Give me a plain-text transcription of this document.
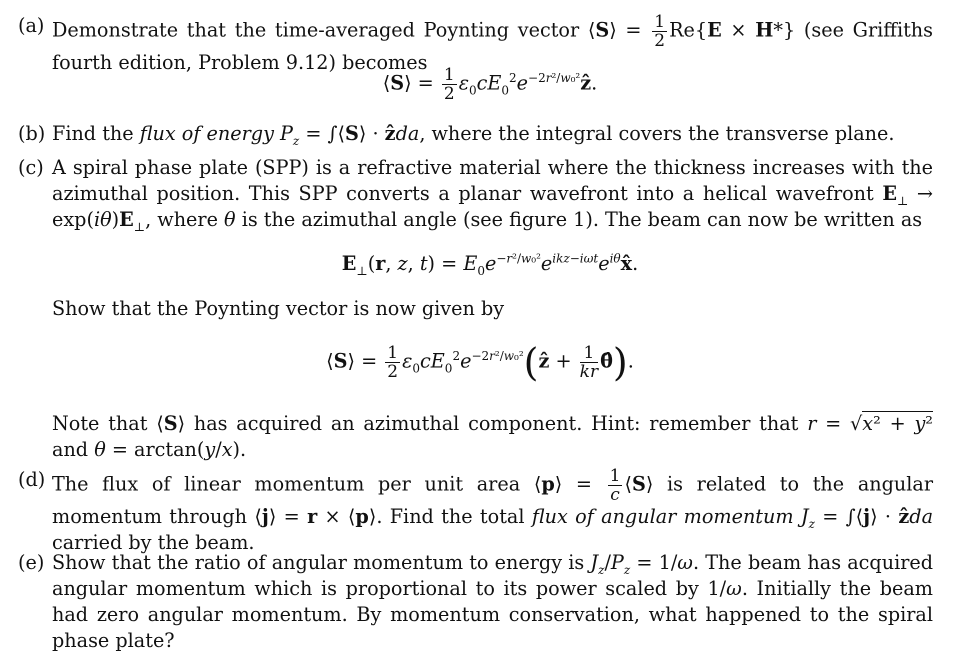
(a) Demonstrate that the time-averaged Poynting vector ⟨S⟩ = $\frac{1}{2} Re\{E \times H*\}$ (see Griffiths fourth edition, Problem 9.12) becomes
⟨S⟩ = $\frac{1}{2}$ $\varepsilon_0cE_0^2e^{-2r^2/w_0^2}ẑ$.
(b) Find the flux of energy $P_z$ = ∫⟨S⟩ · ẑda, where the integral covers the transverse plane.
(c) A spiral phase plate (SPP) is a refractive material where the thickness increases with the azimuthal position. This SPP converts a planar wavefront into a helical wavefront $E_\perp \to \exp(i\theta)E_\perp$, where θ is the azimuthal angle (see figure 1). The beam can now be written as
$E_\perp(r$, z, $t) = E_0e^{-r^2/w_0^2}e^{ikz-i\omega t}e^{i\theta}x̂$.
Show that the Poynting vector is now given by
⟨S⟩ = $\frac{1}{2}$ $\varepsilon_0cE_0^2e^{-2r^2/w_0^2}(ẑ + \frac{1}{kr}$ θ̂).
Note that ⟨S⟩ has acquired an azimuthal component. Hint: remember that r = √x² + y² and θ = arctan(y/x).
(d) The flux of linear momentum per unit area ⟨p⟩ = $\frac{1}{c}$ ⟨S⟩ is related to the angular momentum through ⟨j⟩ = r × ⟨p⟩. Find the total flux of angular momentum $J_z$ = ∫⟨j⟩ · ẑda carried by the beam.
(e) Show that the ratio of angular momentum to energy is $J_z/P_z = 1/\omega$. The beam has acquired angular momentum which is proportional to its power scaled by 1/ω. Initially the beam had zero angular momentum. By momentum conservation, what happened to the spiral phase plate?
